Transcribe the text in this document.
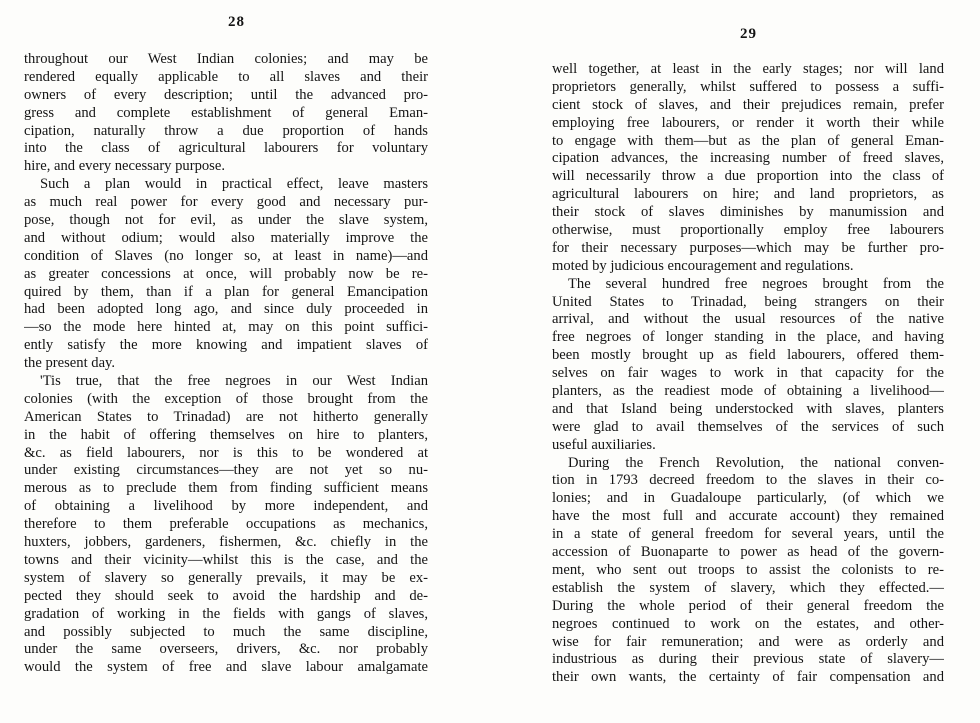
28
throughout our West Indian colonies; and may be
rendered equally applicable to all slaves and their
owners of every description; until the advanced pro-
gress and complete establishment of general Eman-
cipation, naturally throw a due proportion of hands
into the class of agricultural labourers for voluntary
hire, and every necessary purpose.
Such a plan would in practical effect, leave masters
as much real power for every good and necessary pur-
pose, though not for evil, as under the slave system,
and without odium; would also materially improve the
condition of Slaves (no longer so, at least in name)—and
as greater concessions at once, will probably now be re-
quired by them, than if a plan for general Emancipation
had been adopted long ago, and since duly proceeded in
—so the mode here hinted at, may on this point suffici-
ently satisfy the more knowing and impatient slaves of
the present day.
'Tis true, that the free negroes in our West Indian
colonies (with the exception of those brought from the
American States to Trinadad) are not hitherto generally
in the habit of offering themselves on hire to planters,
&c. as field labourers, nor is this to be wondered at
under existing circumstances—they are not yet so nu-
merous as to preclude them from finding sufficient means
of obtaining a livelihood by more independent, and
therefore to them preferable occupations as mechanics,
huxters, jobbers, gardeners, fishermen, &c. chiefly in the
towns and their vicinity—whilst this is the case, and the
system of slavery so generally prevails, it may be ex-
pected they should seek to avoid the hardship and de-
gradation of working in the fields with gangs of slaves,
and possibly subjected to much the same discipline,
under the same overseers, drivers, &c. nor probably
would the system of free and slave labour amalgamate
29
well together, at least in the early stages; nor will land
proprietors generally, whilst suffered to possess a suffi-
cient stock of slaves, and their prejudices remain, prefer
employing free labourers, or render it worth their while
to engage with them—but as the plan of general Eman-
cipation advances, the increasing number of freed slaves,
will necessarily throw a due proportion into the class of
agricultural labourers on hire; and land proprietors, as
their stock of slaves diminishes by manumission and
otherwise, must proportionally employ free labourers
for their necessary purposes—which may be further pro-
moted by judicious encouragement and regulations.
The several hundred free negroes brought from the
United States to Trinadad, being strangers on their
arrival, and without the usual resources of the native
free negroes of longer standing in the place, and having
been mostly brought up as field labourers, offered them-
selves on fair wages to work in that capacity for the
planters, as the readiest mode of obtaining a livelihood—
and that Island being understocked with slaves, planters
were glad to avail themselves of the services of such
useful auxiliaries.
During the French Revolution, the national conven-
tion in 1793 decreed freedom to the slaves in their co-
lonies; and in Guadaloupe particularly, (of which we
have the most full and accurate account) they remained
in a state of general freedom for several years, until the
accession of Buonaparte to power as head of the govern-
ment, who sent out troops to assist the colonists to re-
establish the system of slavery, which they effected.—
During the whole period of their general freedom the
negroes continued to work on the estates, and other-
wise for fair remuneration; and were as orderly and
industrious as during their previous state of slavery—
their own wants, the certainty of fair compensation and
